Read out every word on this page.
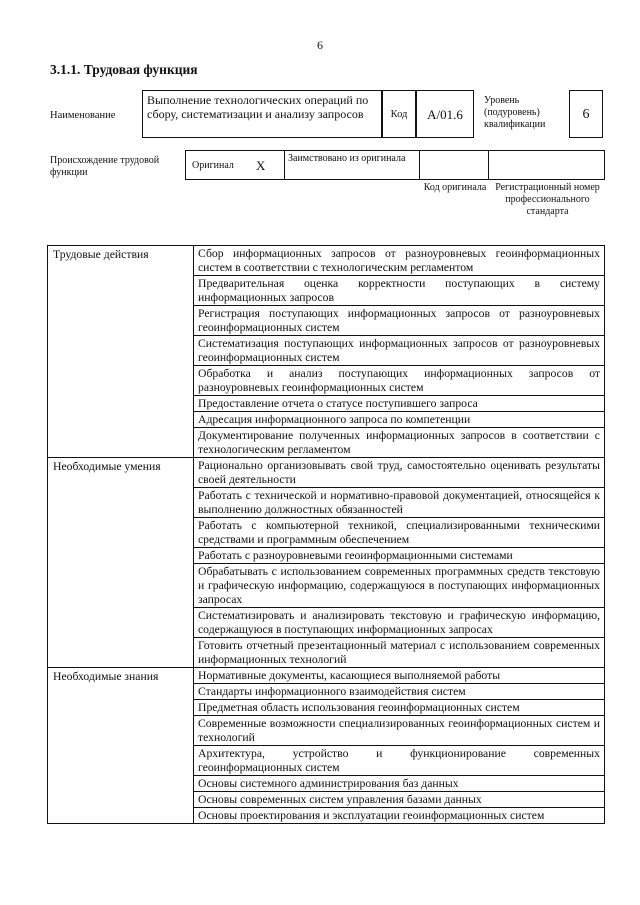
6
3.1.1. Трудовая функция
Наименование
Выполнение технологических операций по сбору, систематизации и анализу запросов	Код	А/01.6
Уровень (подуровень) квалификации
6
Происхождение трудовой функции
Оригинал X Заимствовано из оригинала
Код оригинала Регистрационный номер профессионального стандарта
Трудовые действия	Сбор информационных запросов от разноуровневых геоинформационных систем в соответствии с технологическим регламентом
	Предварительная оценка корректности поступающих в систему информационных запросов
	Регистрация поступающих информационных запросов от разноуровневых геоинформационных систем
	Систематизация поступающих информационных запросов от разноуровневых геоинформационных систем
	Обработка и анализ поступающих информационных запросов от разноуровневых геоинформационных систем
	Предоставление отчета о статусе поступившего запроса
	Адресация информационного запроса по компетенции
	Документирование полученных информационных запросов в соответствии с технологическим регламентом
Необходимые умения	Рационально организовывать свой труд, самостоятельно оценивать результаты своей деятельности
	Работать с технической и нормативно-правовой документацией, относящейся к выполнению должностных обязанностей
	Работать с компьютерной техникой, специализированными техническими средствами и программным обеспечением
	Работать с разноуровневыми геоинформационными системами
	Обрабатывать с использованием современных программных средств текстовую и графическую информацию, содержащуюся в поступающих информационных запросах
	Систематизировать и анализировать текстовую и графическую информацию, содержащуюся в поступающих информационных запросах
	Готовить отчетный презентационный материал с использованием современных информационных технологий
Необходимые знания	Нормативные документы, касающиеся выполняемой работы
	Стандарты информационного взаимодействия систем
	Предметная область использования геоинформационных систем
	Современные возможности специализированных геоинформационных систем и технологий
	Архитектура, устройство и функционирование современных геоинформационных систем
	Основы системного администрирования баз данных
	Основы современных систем управления базами данных
	Основы проектирования и эксплуатации геоинформационных систем
